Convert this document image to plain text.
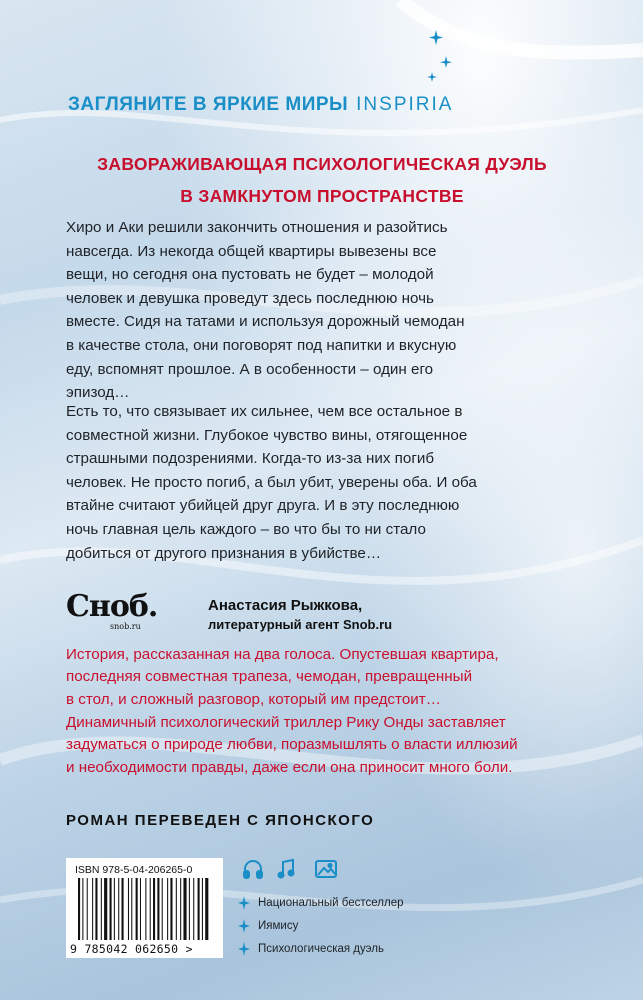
ЗАГЛЯНИТЕ В ЯРКИЕ МИРЫ INSPIRIA
ЗАВОРАЖИВАЮЩАЯ ПСИХОЛОГИЧЕСКАЯ ДУЭЛЬ
В ЗАМКНУТОМ ПРОСТРАНСТВЕ
Хиро и Аки решили закончить отношения и разойтись
навсегда. Из некогда общей квартиры вывезены все
вещи, но сегодня она пустовать не будет – молодой
человек и девушка проведут здесь последнюю ночь
вместе. Сидя на татами и используя дорожный чемодан
в качестве стола, они поговорят под напитки и вкусную
еду, вспомнят прошлое. А в особенности – один его
эпизод…
Есть то, что связывает их сильнее, чем все остальное в
совместной жизни. Глубокое чувство вины, отягощенное
страшными подозрениями. Когда-то из-за них погиб
человек. Не просто погиб, а был убит, уверены оба. И оба
втайне считают убийцей друг друга. И в эту последнюю
ночь главная цель каждого – во что бы то ни стало
добиться от другого признания в убийстве…
Сноб.
snob.ru
Анастасия Рыжкова,
литературный агент Snob.ru
История, рассказанная на два голоса. Опустевшая квартира,
последняя совместная трапеза, чемодан, превращенный
в стол, и сложный разговор, который им предстоит…
Динамичный психологический триллер Рику Онды заставляет
задуматься о природе любви, поразмышлять о власти иллюзий
и необходимости правды, даже если она приносит много боли.
РОМАН ПЕРЕВЕДЕН С ЯПОНСКОГО
ISBN 978-5-04-206265-0
9 785042 062650 >
Национальный бестселлер
Иямису
Психологическая дуэль
